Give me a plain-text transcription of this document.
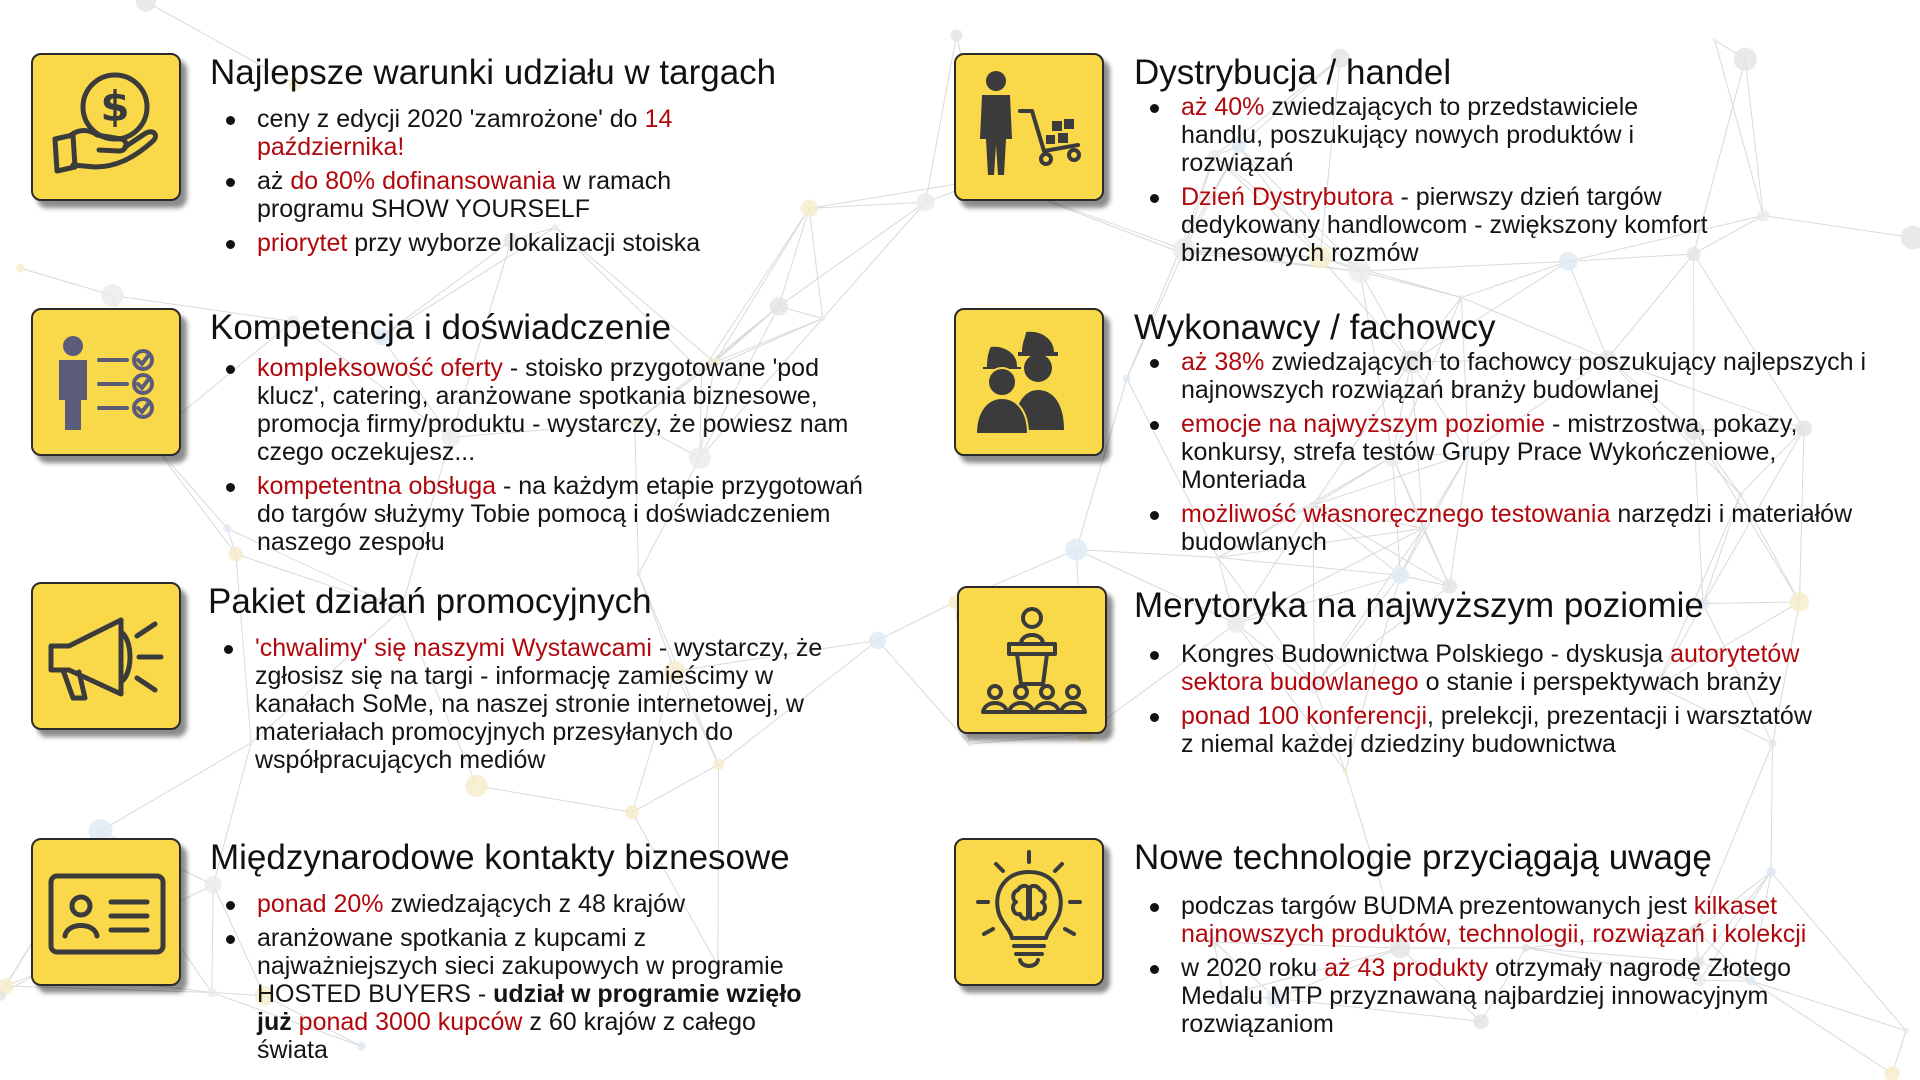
$
Najlepsze warunki udziału w targach
ceny z edycji 2020 'zamrożone' do 14 października!
aż do 80% dofinansowania w ramach programu SHOW YOURSELF
priorytet przy wyborze lokalizacji stoiska
Kompetencja i doświadczenie
kompleksowość oferty - stoisko przygotowane 'pod klucz', catering, aranżowane spotkania biznesowe, promocja firmy/produktu - wystarczy, że powiesz nam czego oczekujesz...
kompetentna obsługa - na każdym etapie przygotowań do targów służymy Tobie pomocą i doświadczeniem naszego zespołu
Pakiet działań promocyjnych
'chwalimy' się naszymi Wystawcami - wystarczy, że zgłosisz się na targi - informację zamieścimy w kanałach SoMe, na naszej stronie internetowej, w materiałach promocyjnych przesyłanych do współpracujących mediów
Międzynarodowe kontakty biznesowe
ponad 20% zwiedzających z 48 krajów
aranżowane spotkania z kupcami z najważniejszych sieci zakupowych w programie HOSTED BUYERS - udział w programie wzięło już ponad 3000 kupców z 60 krajów z całego świata
Dystrybucja / handel
aż 40% zwiedzających to przedstawiciele handlu, poszukujący nowych produktów i rozwiązań
Dzień Dystrybutora - pierwszy dzień targów dedykowany handlowcom - zwiększony komfort biznesowych rozmów
Wykonawcy / fachowcy
aż 38% zwiedzających to fachowcy poszukujący najlepszych i najnowszych rozwiązań branży budowlanej
emocje na najwyższym poziomie - mistrzostwa, pokazy, konkursy, strefa testów Grupy Prace Wykończeniowe, Monteriada
możliwość własnoręcznego testowania narzędzi i materiałów budowlanych
Merytoryka na najwyższym poziomie
Kongres Budownictwa Polskiego - dyskusja autorytetów sektora budowlanego o stanie i perspektywach branży
ponad 100 konferencji, prelekcji, prezentacji i warsztatów z niemal każdej dziedziny budownictwa
Nowe technologie przyciągają uwagę
podczas targów BUDMA prezentowanych jest kilkaset najnowszych produktów, technologii, rozwiązań i kolekcji
w 2020 roku aż 43 produkty otrzymały nagrodę Złotego Medalu MTP przyznawaną najbardziej innowacyjnym rozwiązaniom
